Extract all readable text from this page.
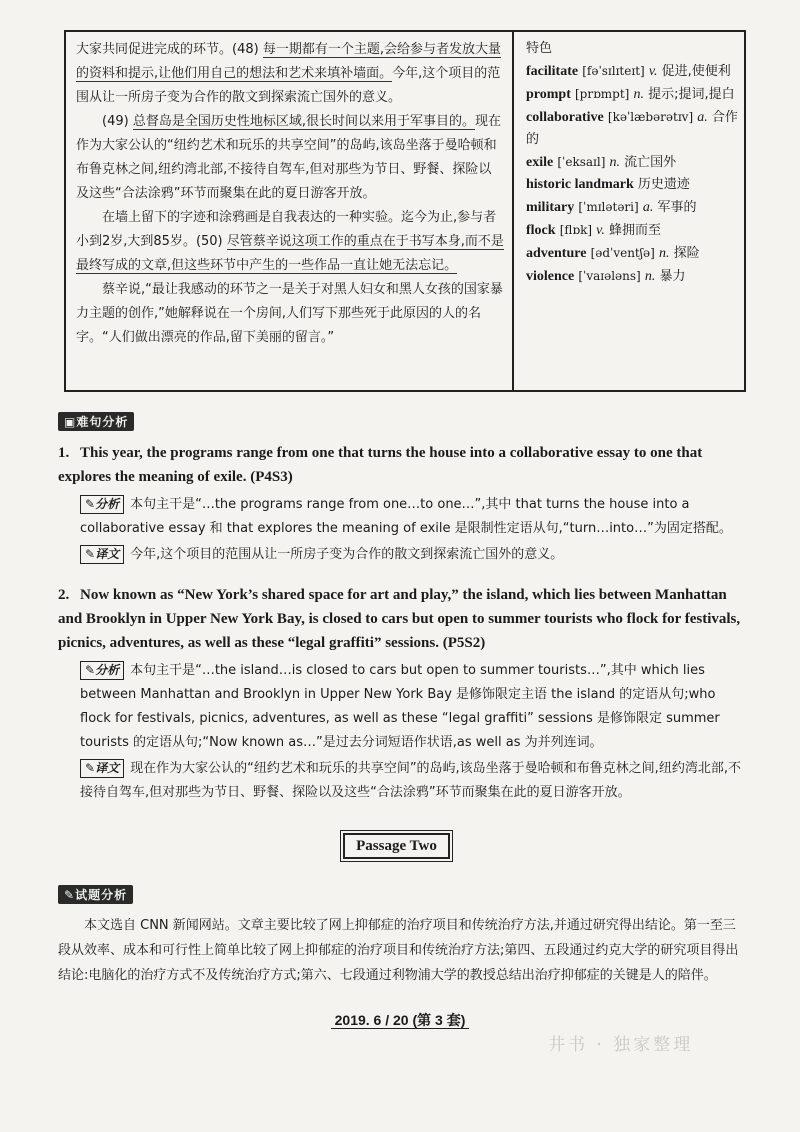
大家共同促进完成的环节。(48) 每一期都有一个主题,会给参与者发放大量的资料和提示,让他们用自己的想法和艺术来填补墙面。今年,这个项目的范围从让一所房子变为合作的散文到探索流亡国外的意义。

(49) 总督岛是全国历史性地标区域,很长时间以来用于军事目的。现在作为大家公认的“纽约艺术和玩乐的共享空间”的岛屿,该岛坐落于曼哈顿和布鲁克林之间,纽约湾北部,不接待自驾车,但对那些为节日、野餐、探险以及这些“合法涂鸦”环节而聚集在此的夏日游客开放。

在墙上留下的字迹和涂鸦画是自我表达的一种实验。迄今为止,参与者小到2岁,大到85岁。(50) 尽管蔡辛说这项工作的重点在于书写本身,而不是最终写成的文章,但这些环节中产生的一些作品一直让她无法忘记。

蔡辛说,“最让我感动的环节之一是关于对黑人妇女和黑人女孩的国家暴力主题的创作,”她解释说在一个房间,人们写下那些死于此原因的人的名字。“人们做出漂亮的作品,留下美丽的留言。”

特色
facilitate [fəˈsɪlɪteɪt] v. 促进,使便利
prompt [prɒmpt] n. 提示;提词,提白
collaborative [kəˈlæbərətɪv] a. 合作的
exile [ˈeksaɪl] n. 流亡国外
historic landmark 历史遗迹
military [ˈmɪlətəri] a. 军事的
flock [flɒk] v. 蜂拥而至
adventure [ədˈventʃə] n. 探险
violence [ˈvaɪələns] n. 暴力
▣难句分析
1. This year, the programs range from one that turns the house into a collaborative essay to one that explores the meaning of exile. (P4S3)
✎分析 本句主干是“…the programs range from one…to one…”,其中 that turns the house into a collaborative essay 和 that explores the meaning of exile 是限制性定语从句,“turn…into…”为固定搭配。
✎译文 今年,这个项目的范围从让一所房子变为合作的散文到探索流亡国外的意义。
2. Now known as “New York’s shared space for art and play,” the island, which lies between Manhattan and Brooklyn in Upper New York Bay, is closed to cars but open to summer tourists who flock for festivals, picnics, adventures, as well as these “legal graffiti” sessions. (P5S2)
✎分析 本句主干是“…the island…is closed to cars but open to summer tourists…”,其中 which lies between Manhattan and Brooklyn in Upper New York Bay 是修饰限定主语 the island 的定语从句;who flock for festivals, picnics, adventures, as well as these “legal graffiti” sessions 是修饰限定 summer tourists 的定语从句;“Now known as…”是过去分词短语作状语,as well as 为并列连词。
✎译文 现在作为大家公认的“纽约艺术和玩乐的共享空间”的岛屿,该岛坐落于曼哈顿和布鲁克林之间,纽约湾北部,不接待自驾车,但对那些为节日、野餐、探险以及这些“合法涂鸦”环节而聚集在此的夏日游客开放。
Passage Two
✎试题分析
本文选自 CNN 新闻网站。文章主要比较了网上抑郁症的治疗项目和传统治疗方法,并通过研究得出结论。第一至三段从效率、成本和可行性上简单比较了网上抑郁症的治疗项目和传统治疗方法;第四、五段通过约克大学的研究项目得出结论:电脑化的治疗方式不及传统治疗方式;第六、七段通过利物浦大学的教授总结出治疗抑郁症的关键是人的陪伴。
2019. 6 / 20 (第 3 套)
井书 · 独家整理
